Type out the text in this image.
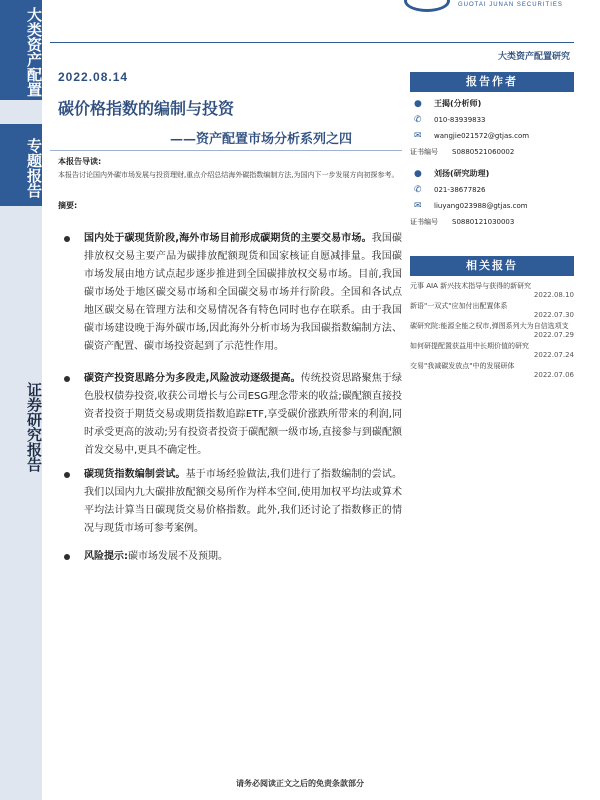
大类资产配置
专题报告
证券研究报告
GUOTAI JUNAN SECURITIES
大类资产配置研究
2022.08.14
碳价格指数的编制与投资
——资产配置市场分析系列之四
本报告导读:
本报告讨论国内外碳市场发展与投资理财,重点介绍总结海外碳指数编制方法,为国内下一步发展方向初探参考。
摘要:
国内处于碳现货阶段,海外市场目前形成碳期货的主要交易市场。我国碳排放权交易主要产品为碳排放配额现货和国家核证自愿减排量。我国碳市场发展由地方试点起步逐步推进到全国碳排放权交易市场。目前,我国碳市场处于地区碳交易市场和全国碳交易市场并行阶段。全国和各试点地区碳交易在管理方法和交易情况各有特色同时也存在联系。由于我国碳市场建设晚于海外碳市场,因此海外分析市场为我国碳指数编制方法、碳资产配置、碳市场投资起到了示范性作用。
碳资产投资思路分为多段走,风险波动逐级提高。传统投资思路聚焦于绿色股权债券投资,收获公司增长与公司ESG理念带来的收益;碳配额直接投资者投资于期货交易或期货指数追踪ETF,享受碳价涨跌所带来的利润,同时承受更高的波动;另有投资者投资于碳配额一级市场,直接参与到碳配额首发交易中,更具不确定性。
碳现货指数编制尝试。基于市场经验做法,我们进行了指数编制的尝试。我们以国内九大碳排放配额交易所作为样本空间,使用加权平均法或算术平均法计算当日碳现货交易价格指数。此外,我们还讨论了指数修正的情况与现货市场可参考案例。
风险提示:碳市场发展不及预期。
报告作者
● 王揭(分析师)
✆	010-83939833
✉	wangjie021572@gtjas.com
证书编号 S0880521060002
● 刘扬(研究助理)
✆	021-38677826
✉	liuyang023988@gtjas.com
证书编号 S0880121030003
相关报告
元事 AIA 新兴技术指导与获得的新研究
2022.08.10
新语"一双式"应加付出配置体系
2022.07.30
碳研究院:能源全能之权市,弹图系列大为自信选项支
2022.07.29
如何研提配置获益用中长期价值的研究
2022.07.24
交易"我减碳发放点"中的发展研体
2022.07.06
请务必阅读正文之后的免责条款部分
